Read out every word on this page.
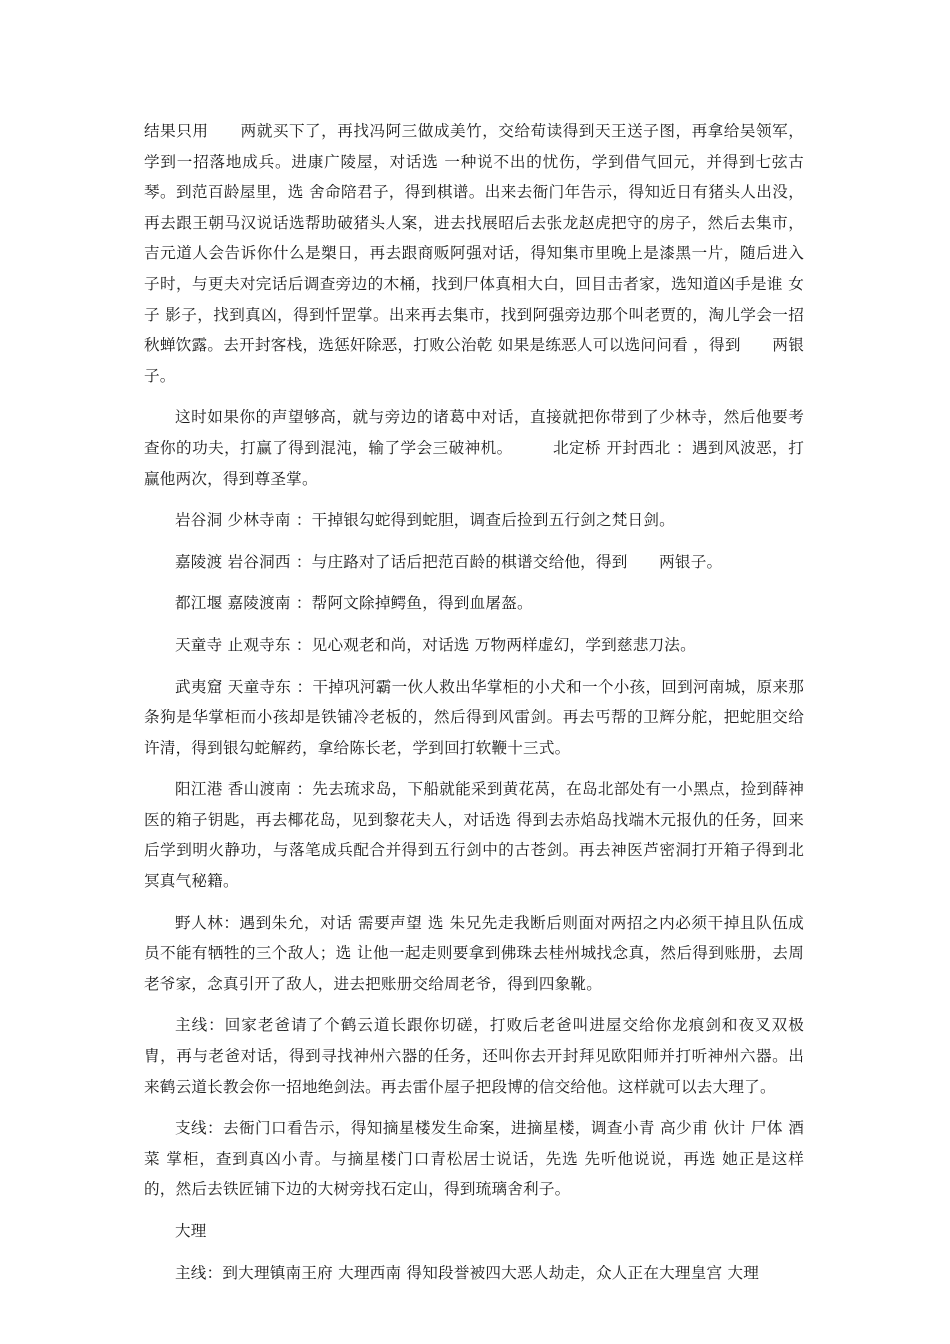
结果只用　　两就买下了，再找冯阿三做成美竹，交给荀读得到天王送子图，再拿给吴领军，学到一招落地成兵。进康广陵屋，对话选 一种说不出的忧伤，学到借气回元，并得到七弦古琴。到范百龄屋里，选 舍命陪君子，得到棋谱。出来去衙门年告示，得知近日有猪头人出没，再去跟王朝马汉说话选帮助破猪头人案，进去找展昭后去张龙赵虎把守的房子，然后去集市，吉元道人会告诉你什么是槊日，再去跟商贩阿强对话，得知集市里晚上是漆黑一片，随后进入子时，与更夫对完话后调查旁边的木桶，找到尸体真相大白，回目击者家，选知道凶手是谁 女子 影子，找到真凶，得到忏罡掌。出来再去集市，找到阿强旁边那个叫老贾的，淘儿学会一招秋蝉饮露。去开封客栈，选惩奸除恶，打败公治乾 如果是练恶人可以选问问看 ，得到　　两银子。

这时如果你的声望够高，就与旁边的诸葛中对话，直接就把你带到了少林寺，然后他要考查你的功夫，打赢了得到混沌，输了学会三破神机。　　　北定桥 开封西北 ：遇到风波恶，打赢他两次，得到尊圣掌。

岩谷洞 少林寺南 ：干掉银勾蛇得到蛇胆，调查后捡到五行剑之梵日剑。

嘉陵渡 岩谷洞西 ：与庄路对了话后把范百龄的棋谱交给他，得到　　两银子。

都江堰 嘉陵渡南 ：帮阿文除掉鳄鱼，得到血屠盔。

天童寺 止观寺东 ：见心观老和尚，对话选 万物两样虚幻，学到慈悲刀法。

武夷窟 天童寺东 ：干掉巩河霸一伙人救出华掌柜的小犬和一个小孩，回到河南城，原来那条狗是华掌柜而小孩却是铁铺冷老板的，然后得到风雷剑。再去丐帮的卫辉分舵，把蛇胆交给许清，得到银勾蛇解药，拿给陈长老，学到回打软鞭十三式。

阳江港 香山渡南 ：先去琉求岛，下船就能采到黄花莴，在岛北部处有一小黑点，捡到薛神医的箱子钥匙，再去椰花岛，见到黎花夫人，对话选 得到去赤焰岛找端木元报仇的任务，回来后学到明火静功，与落笔成兵配合并得到五行剑中的古苍剑。再去神医芦密洞打开箱子得到北冥真气秘籍。

野人林：遇到朱允，对话 需要声望 选 朱兄先走我断后则面对两招之内必须干掉且队伍成员不能有牺牲的三个敌人；选 让他一起走则要拿到佛珠去桂州城找念真，然后得到账册，去周老爷家，念真引开了敌人，进去把账册交给周老爷，得到四象靴。

主线：回家老爸请了个鹤云道长跟你切磋，打败后老爸叫进屋交给你龙痕剑和夜叉双极胄，再与老爸对话，得到寻找神州六器的任务，还叫你去开封拜见欧阳师并打听神州六器。出来鹤云道长教会你一招地绝剑法。再去雷仆屋子把段博的信交给他。这样就可以去大理了。

支线：去衙门口看告示，得知摘星楼发生命案，进摘星楼，调查小青 高少甫 伙计 尸体 酒菜 掌柜，查到真凶小青。与摘星楼门口青松居士说话，先选 先听他说说，再选 她正是这样的，然后去铁匠铺下边的大树旁找石定山，得到琉璃舍利子。

大理

主线：到大理镇南王府 大理西南 得知段誉被四大恶人劫走，众人正在大理皇宫 大理
